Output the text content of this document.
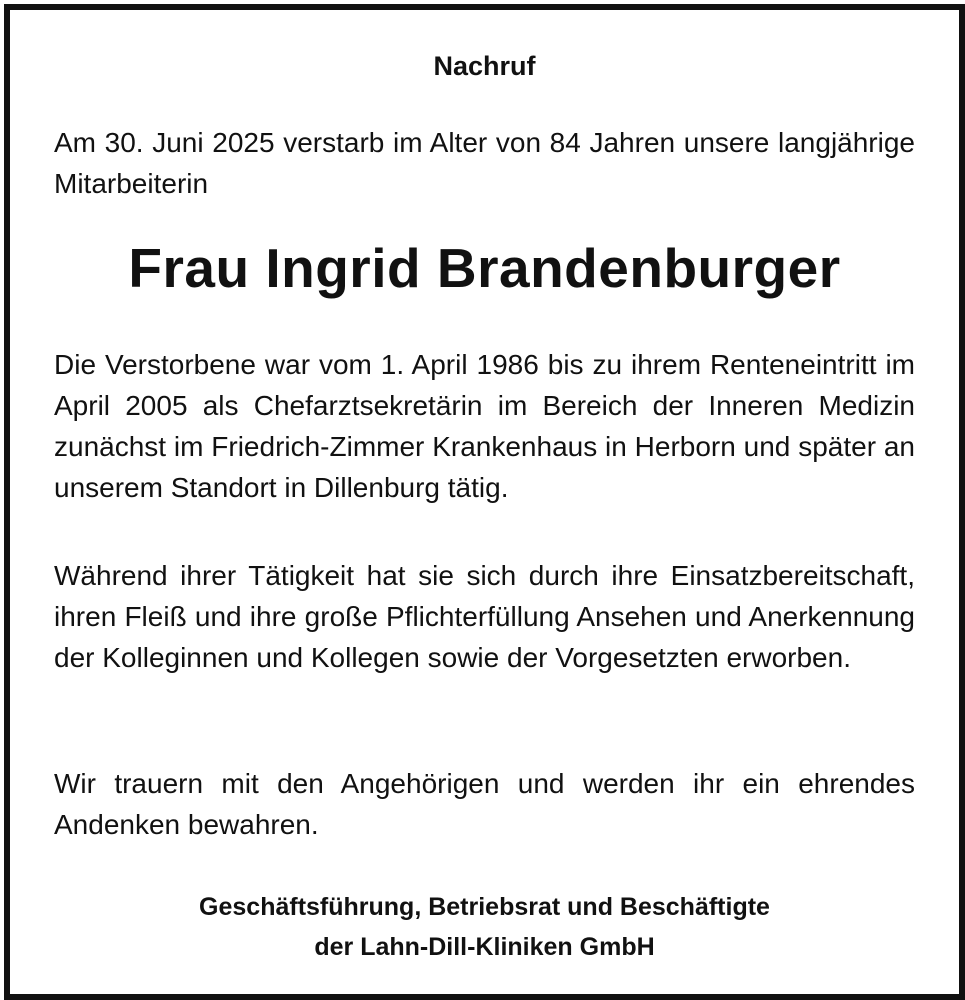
Nachruf
Am 30. Juni 2025 verstarb im Alter von 84 Jahren unsere langjährige Mitarbeiterin
Frau Ingrid Brandenburger
Die Verstorbene war vom 1. April 1986 bis zu ihrem Renteneintritt im April 2005 als Chefarztsekretärin im Bereich der Inneren Medizin zunächst im Friedrich-Zimmer Krankenhaus in Herborn und später an unserem Standort in Dillenburg tätig.
Während ihrer Tätigkeit hat sie sich durch ihre Einsatzbereitschaft, ihren Fleiß und ihre große Pflichterfüllung Ansehen und Anerkennung der Kolleginnen und Kollegen sowie der Vorgesetzten erworben.
Wir trauern mit den Angehörigen und werden ihr ein ehrendes Andenken bewahren.
Geschäftsführung, Betriebsrat und Beschäftigte
der Lahn-Dill-Kliniken GmbH
